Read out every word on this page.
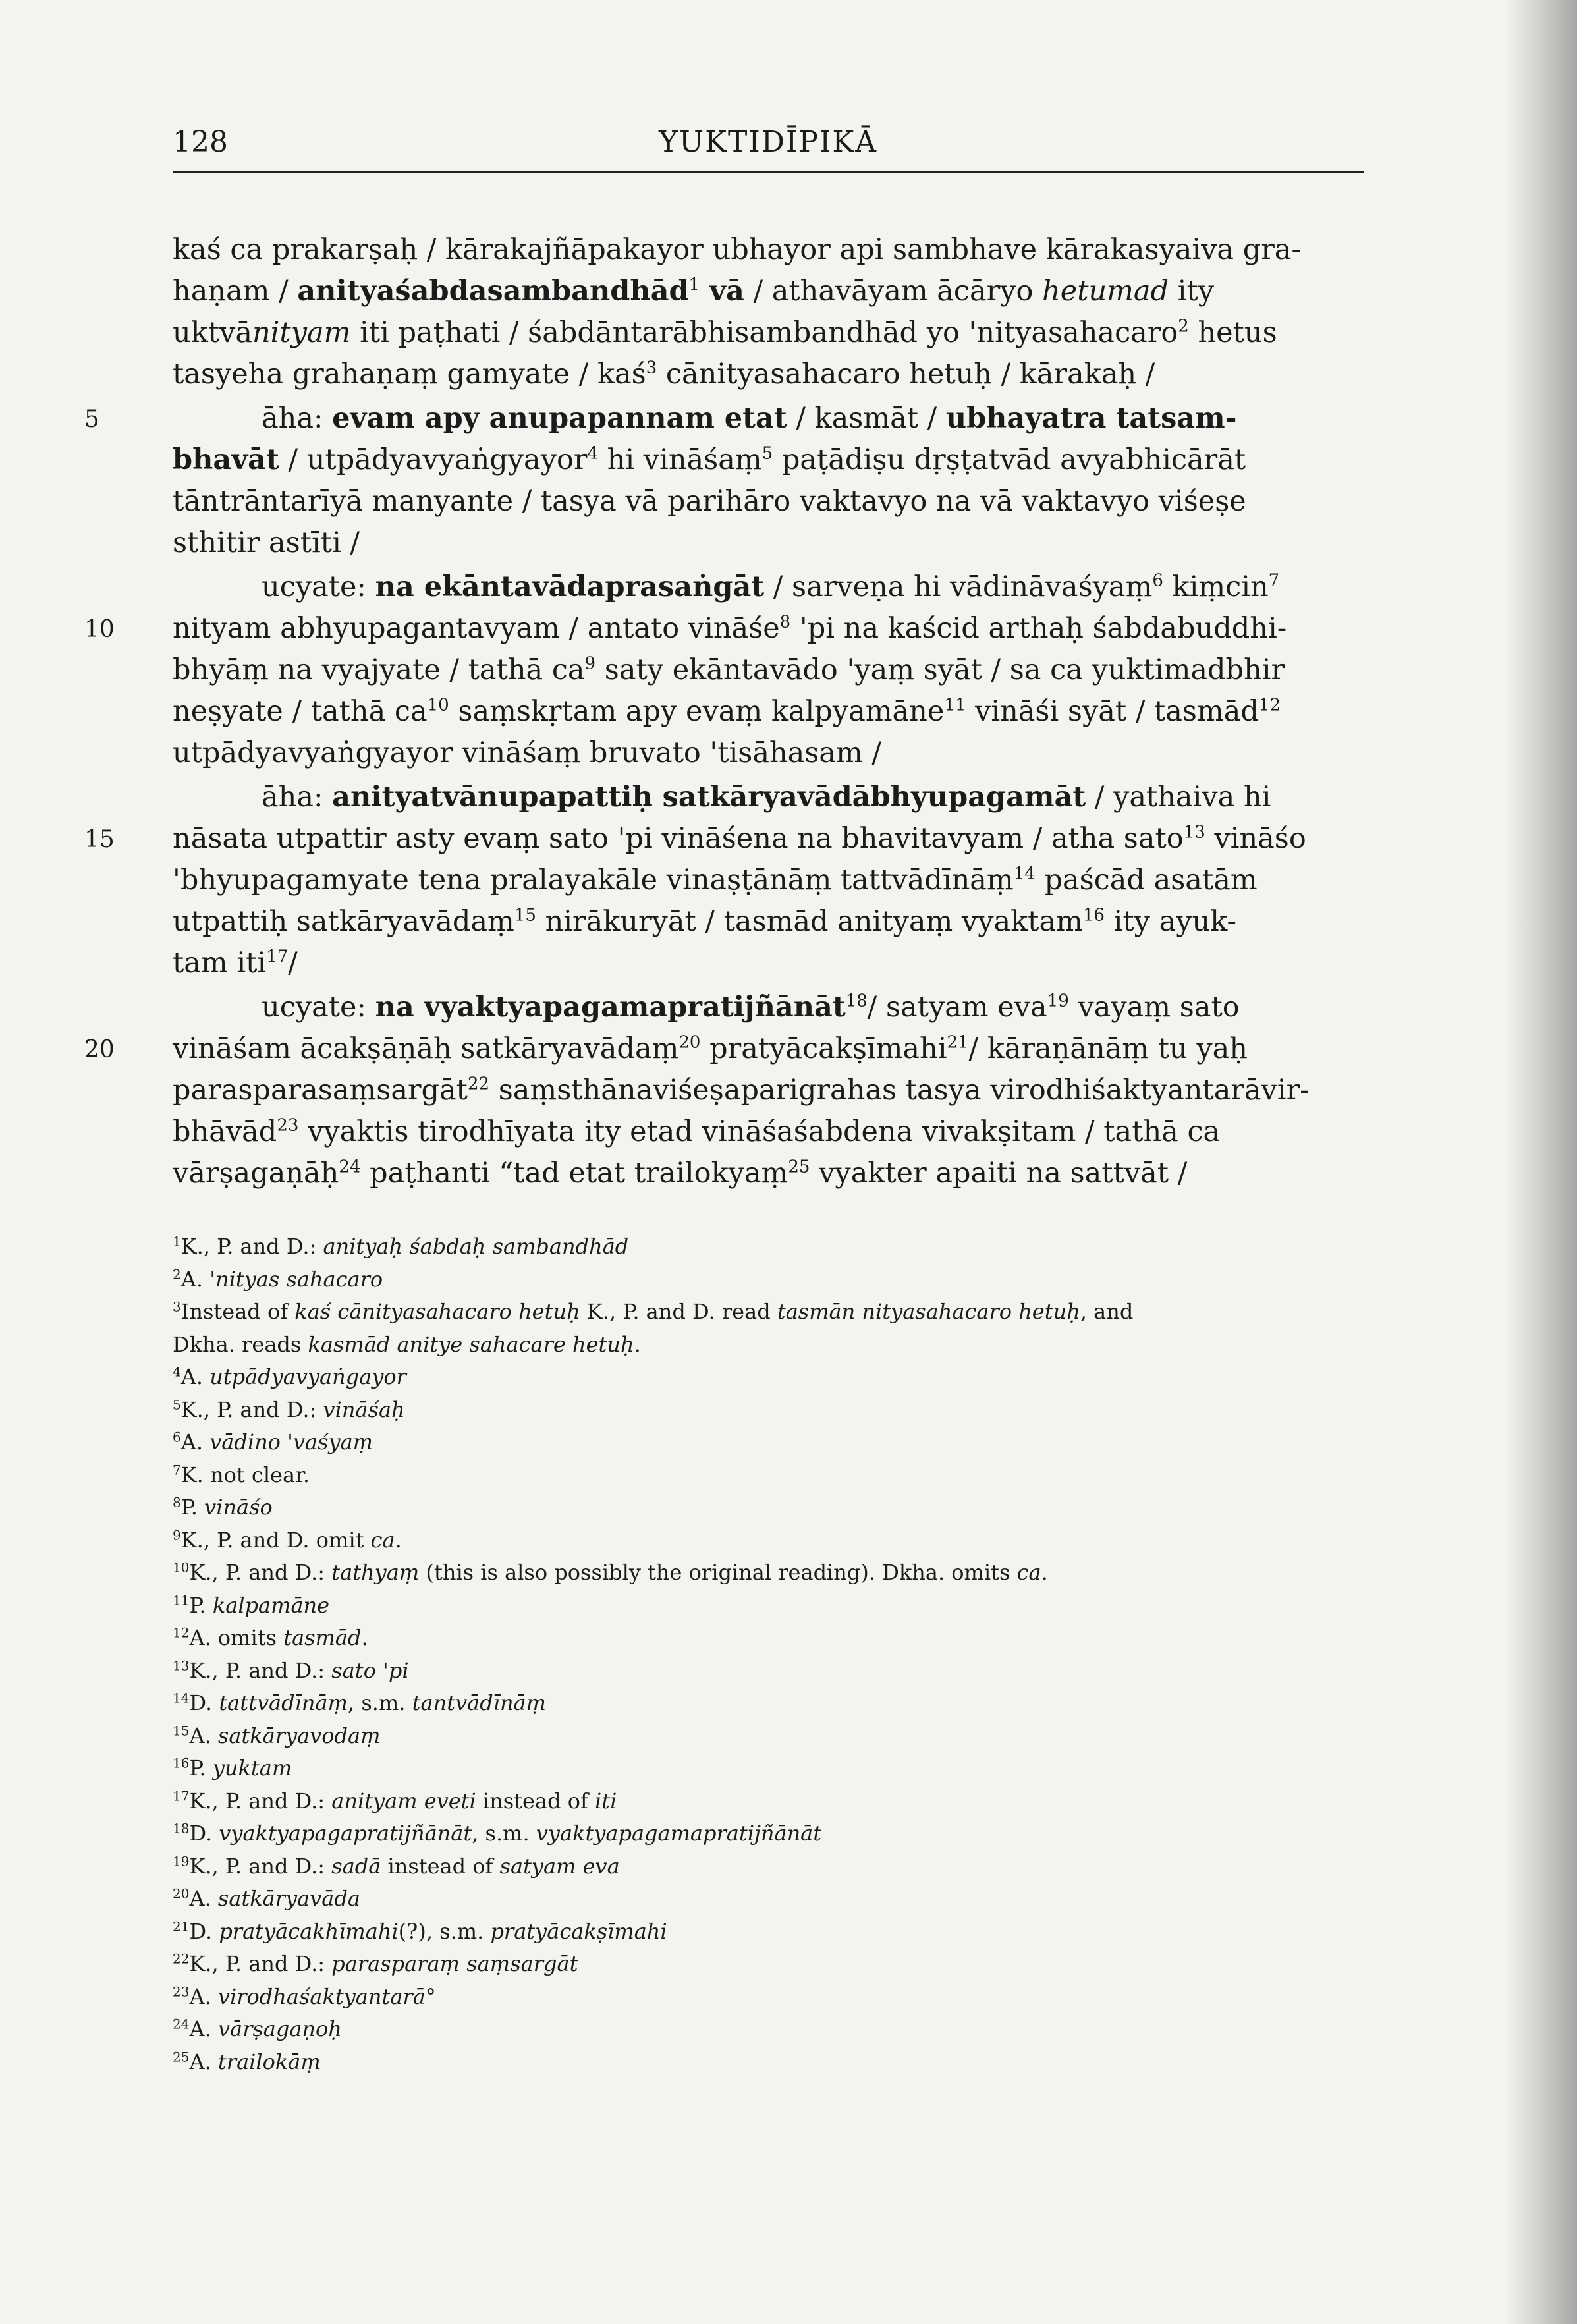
128	YUKTIDĪPIKĀ
5
10
15
20
kaś ca prakarṣaḥ / kārakajñāpakayor ubhayor api sambhave kārakasyaiva gra-
haṇam / anityaśabdasambandhād$^1$ vā / athavāyam ācāryo hetumad ity
uktvānityam iti paṭhati / śabdāntarābhisambandhād yo 'nityasahacaro$^2$ hetus
tasyeha grahaṇaṃ gamyate / kaś$^3$ cānityasahacaro hetuḥ / kārakaḥ /
āha: evam apy anupapannam etat / kasmāt / ubhayatra tatsam-
bhavāt / utpādyavyaṅgyayor$^4$ hi vināśaṃ$^5$ paṭādiṣu dṛṣṭatvād avyabhicārāt
tāntrāntarīyā manyante / tasya vā parihāro vaktavyo na vā vaktavyo viśeṣe
sthitir astīti /
ucyate: na ekāntavādaprasaṅgāt / sarveṇa hi vādināvaśyaṃ$^6$ kiṃcin$^7$
nityam abhyupagantavyam / antato vināśe$^8$ 'pi na kaścid arthaḥ śabdabuddhi-
bhyāṃ na vyajyate / tathā $ca^9$ saty ekāntavādo 'yaṃ syāt / sa ca yuktimadbhir
neṣyate / tathā $ca^{10}$ saṃskṛtam apy evaṃ kalpyamāne$^{11}$ vināśi syāt / tasmād$^{12}$
utpādyavyaṅgyayor vināśaṃ bruvato 'tisāhasam /
āha: anityatvānupapattiḥ satkāryavādābhyupagamāt / yathaiva hi
nāsata utpattir asty evaṃ sato 'pi vināśena na bhavitavyam / atha sato$^{13}$ vināśo
'bhyupagamyate tena pralayakāle vinaṣṭānāṃ tattvādīnāṃ$^{14}$ paścād asatām
utpattiḥ satkāryavādaṃ$^{15}$ nirākuryāt / tasmād anityaṃ vyaktam$^{16}$ ity ayuk-
tam iti$^{17}$/
ucyate: na vyaktyapagamapratijñānāt$^{18}$/ satyam eva$^{19}$ vayaṃ sato
vināśam ācakṣāṇāḥ satkāryavādaṃ$^{20}$ pratyācakṣīmahi$^{21}$/ kāraṇānāṃ tu yaḥ
parasparasaṃsargāt$^{22}$ saṃsthānaviśeṣaparigrahas tasya virodhiśaktyantarāvir-
bhāvād$^{23}$ vyaktis tirodhīyata ity etad vināśaśabdena vivakṣitam / tathā ca
vārṣagaṇāḥ$^{24}$ paṭhanti “tad etat trailokyaṃ$^{25}$ vyakter apaiti na sattvāt /
$^1$K., P. and D.: anityaḥ śabdaḥ sambandhād
$^2$A. 'nityas sahacaro
$^3$Instead of kaś cānityasahacaro hetuḥ K., P. and D. read tasmān nityasahacaro hetuḥ, and
Dkha. reads kasmād anitye sahacare hetuḥ.
$^4$A. utpādyavyaṅgayor
$^5$K., P. and D.: vināśaḥ
$^6$A. vādino 'vaśyaṃ
$^7$K. not clear.
$^8$P. vināśo
$^9$K., P. and D. omit ca.
$^{10}$K., P. and D.: tathyaṃ (this is also possibly the original reading). Dkha. omits ca.
$^{11}$P. kalpamāne
$^{12}$A. omits tasmād.
$^{13}$K., P. and D.: sato 'pi
$^{14}$D. tattvādīnāṃ, s.m. tantvādīnāṃ
$^{15}$A. satkāryavodaṃ
$^{16}$P. yuktam
$^{17}$K., P. and D.: anityam eveti instead of iti
$^{18}$D. vyaktyapagapratijñānāt, s.m. vyaktyapagamapratijñānāt
$^{19}$K., P. and D.: sadā instead of satyam eva
$^{20}$A. satkāryavāda
$^{21}$D. pratyācakhīmahi(?), s.m. pratyācakṣīmahi
$^{22}$K., P. and D.: parasparaṃ saṃsargāt
$^{23}$A. virodhaśaktyantarā°
$^{24}$A. vārṣagaṇoḥ
$^{25}$A. trailokāṃ
